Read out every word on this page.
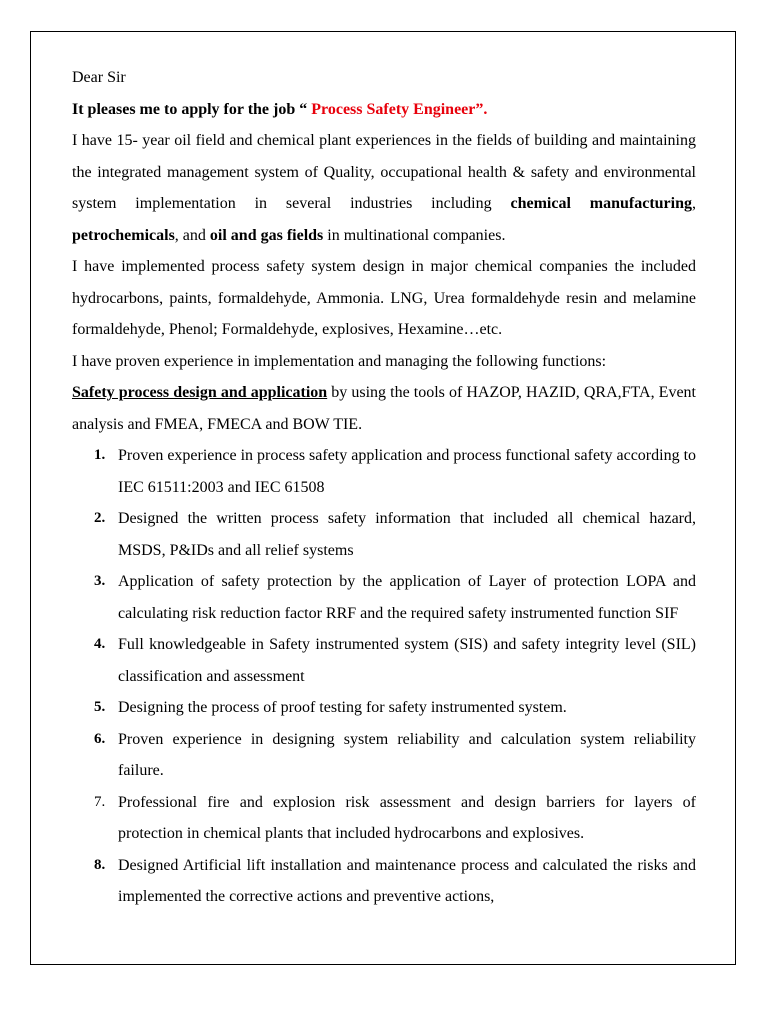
Dear Sir

It pleases me to apply for the job “ Process Safety Engineer”.

I have 15- year oil field and chemical plant experiences in the fields of building and maintaining the integrated management system of Quality, occupational health & safety and environmental system implementation in several industries including chemical manufacturing, petrochemicals, and oil and gas fields in multinational companies.

I have implemented process safety system design in major chemical companies the included hydrocarbons, paints, formaldehyde, Ammonia. LNG, Urea formaldehyde resin and melamine formaldehyde, Phenol; Formaldehyde, explosives, Hexamine…etc.

I have proven experience in implementation and managing the following functions:

Safety process design and application by using the tools of HAZOP, HAZID, QRA,FTA, Event analysis and FMEA, FMECA and BOW TIE.

1. Proven experience in process safety application and process functional safety according to IEC 61511:2003 and IEC 61508
2. Designed the written process safety information that included all chemical hazard, MSDS, P&IDs and all relief systems
3. Application of safety protection by the application of Layer of protection LOPA and calculating risk reduction factor RRF and the required safety instrumented function SIF
4. Full knowledgeable in Safety instrumented system (SIS) and safety integrity level (SIL) classification and assessment
5. Designing the process of proof testing for safety instrumented system.
6. Proven experience in designing system reliability and calculation system reliability failure.
7. Professional fire and explosion risk assessment and design barriers for layers of protection in chemical plants that included hydrocarbons and explosives.
8. Designed Artificial lift installation and maintenance process and calculated the risks and implemented the corrective actions and preventive actions,
